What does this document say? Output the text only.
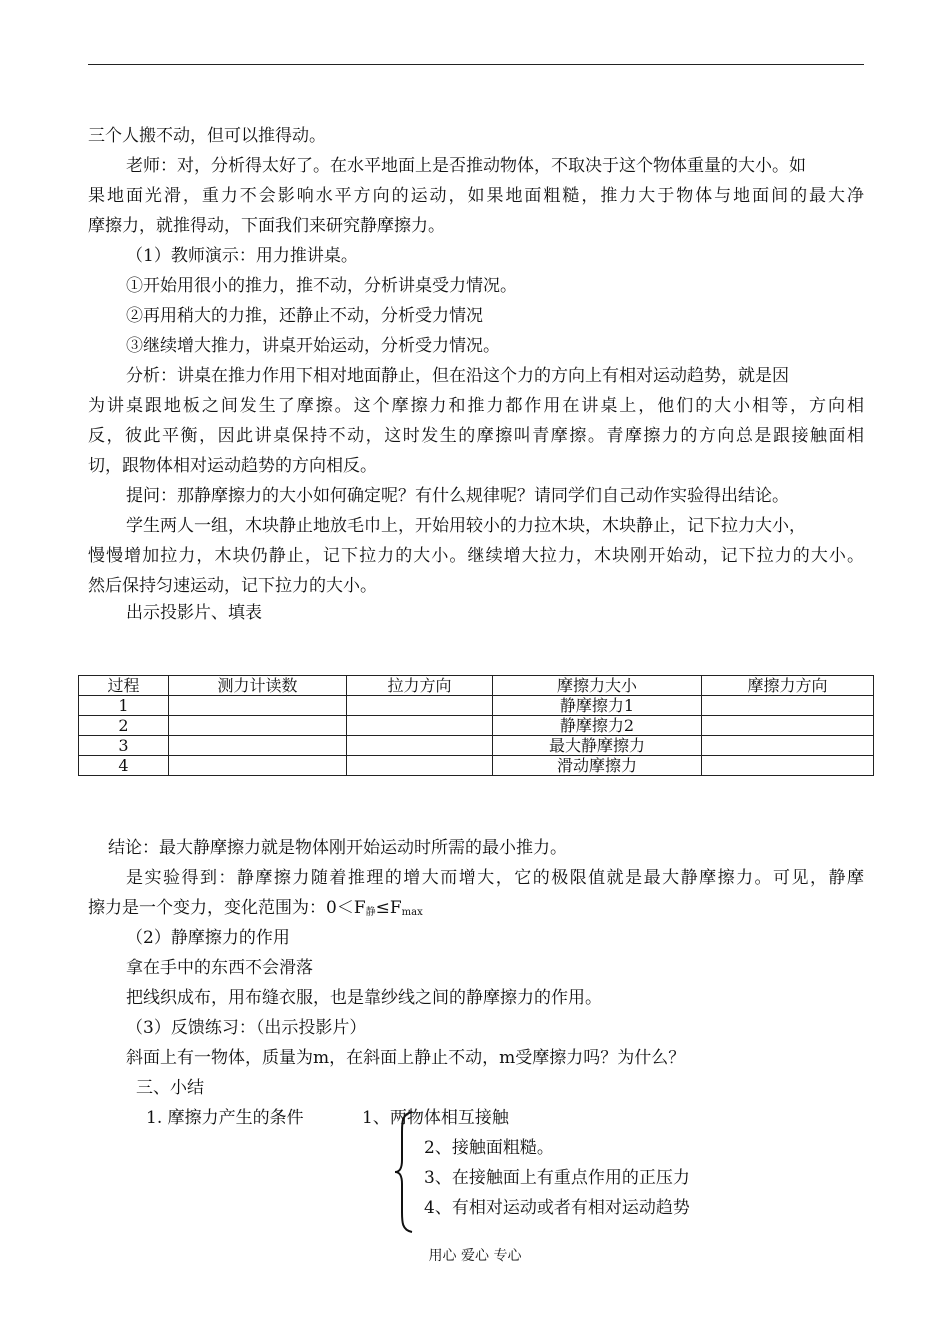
三个人搬不动，但可以推得动。
老师：对，分析得太好了。在水平地面上是否推动物体，不取决于这个物体重量的大小。如
果地面光滑，重力不会影响水平方向的运动，如果地面粗糙，推力大于物体与地面间的最大净
摩擦力，就推得动，下面我们来研究静摩擦力。
（1）教师演示：用力推讲桌。
①开始用很小的推力，推不动，分析讲桌受力情况。
②再用稍大的力推，还静止不动，分析受力情况
③继续增大推力，讲桌开始运动，分析受力情况。
分析：讲桌在推力作用下相对地面静止，但在沿这个力的方向上有相对运动趋势，就是因
为讲桌跟地板之间发生了摩擦。这个摩擦力和推力都作用在讲桌上，他们的大小相等，方向相
反，彼此平衡，因此讲桌保持不动，这时发生的摩擦叫青摩擦。青摩擦力的方向总是跟接触面相
切，跟物体相对运动趋势的方向相反。
提问：那静摩擦力的大小如何确定呢？有什么规律呢？请同学们自己动作实验得出结论。
学生两人一组，木块静止地放毛巾上，开始用较小的力拉木块，木块静止，记下拉力大小，
慢慢增加拉力，木块仍静止，记下拉力的大小。继续增大拉力，木块刚开始动，记下拉力的大小。
然后保持匀速运动，记下拉力的大小。
出示投影片、填表
过程	测力计读数	拉力方向	摩擦力大小	摩擦力方向
1			静摩擦力1	
2			静摩擦力2	
3			最大静摩擦力	
4			滑动摩擦力	
结论：最大静摩擦力就是物体刚开始运动时所需的最小推力。
是实验得到：静摩擦力随着推理的增大而增大，它的极限值就是最大静摩擦力。可见，静摩
擦力是一个变力，变化范围为：$0<F_静\le F_{max}$
（2）静摩擦力的作用
拿在手中的东西不会滑落
把线织成布，用布缝衣服，也是靠纱线之间的静摩擦力的作用。
（3）反馈练习：（出示投影片）
斜面上有一物体，质量为m，在斜面上静止不动，m受摩擦力吗？为什么？
三、小结
1. 摩擦力产生的条件	1、两物体相互接触
2、接触面粗糙。
3、在接触面上有重点作用的正压力
4、有相对运动或者有相对运动趋势
用心 爱心 专心
